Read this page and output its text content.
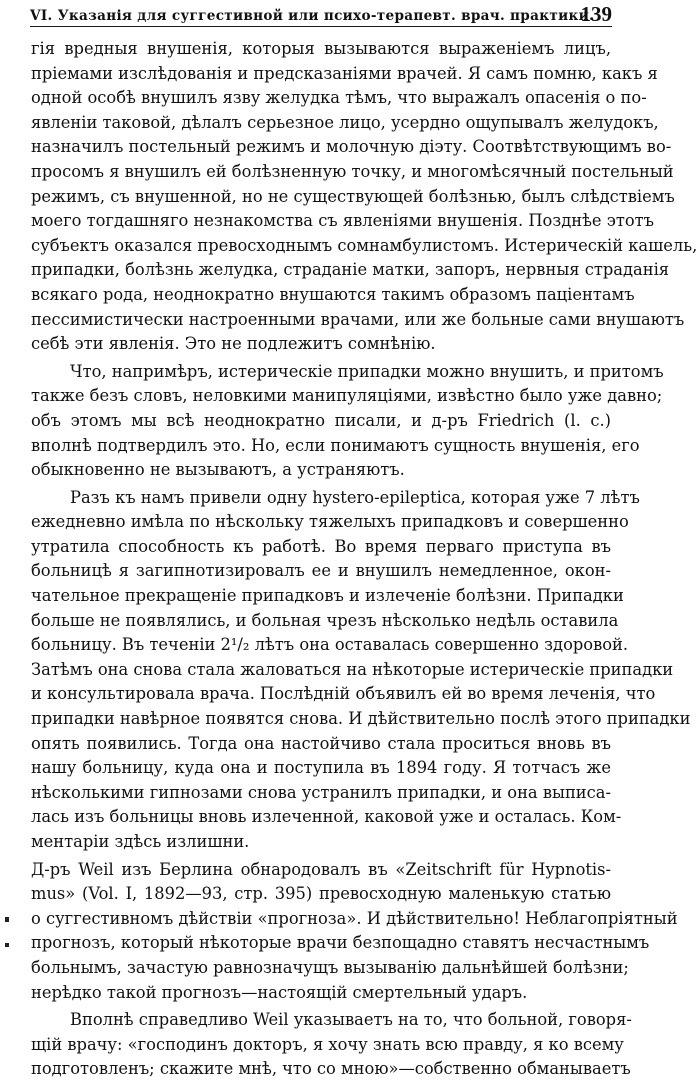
VI. Указанія для суггестивной или психо-терапевт. врач. практики.
139
гія вредныя внушенія, которыя вызываются выраженіемъ лицъ,
пріемами изслѣдованія и предсказаніями врачей. Я самъ помню, какъ я
одной особѣ внушилъ язву желудка тѣмъ, что выражалъ опасенія о по-
явленіи таковой, дѣлалъ серьезное лицо, усердно ощупывалъ желудокъ,
назначилъ постельный режимъ и молочную діэту. Соотвѣтствующимъ во-
просомъ я внушилъ ей болѣзненную точку, и многомѣсячный постельный
режимъ, съ внушенной, но не существующей болѣзнью, былъ слѣдствіемъ
моего тогдашняго незнакомства съ явленіями внушенія. Позднѣе этотъ
субъектъ оказался превосходнымъ сомнамбулистомъ. Истерическій кашель,
припадки, болѣзнь желудка, страданіе матки, запоръ, нервныя страданія
всякаго рода, неоднократно внушаются такимъ образомъ пацiентамъ
пессимистически настроенными врачами, или же больные сами внушаютъ
себѣ эти явленія. Это не подлежитъ сомнѣнію.
Что, напримѣръ, истерическіе припадки можно внушить, и притомъ
также безъ словъ, неловкими манипуляціями, извѣстно было уже давно;
объ этомъ мы всѣ неоднократно писали, и д-ръ Friedrich (l. c.)
вполнѣ подтвердилъ это. Но, если понимаютъ сущность внушенія, его
обыкновенно не вызываютъ, а устраняютъ.
Разъ къ намъ привели одну hystero-epileptica, которая уже 7 лѣтъ
ежедневно имѣла по нѣскольку тяжелыхъ припадковъ и совершенно
утратила способность къ работѣ. Во время перваго приступа въ
больницѣ я загипнотизировалъ ее и внушилъ немедленное, окон-
чательное прекращеніе припадковъ и излеченіе болѣзни. Припадки
больше не появлялись, и больная чрезъ нѣсколько недѣль оставила
больницу. Въ теченіи 2¹/₂ лѣтъ она оставалась совершенно здоровой.
Затѣмъ она снова стала жаловаться на нѣкоторые истерическіе припадки
и консультировала врача. Послѣдній объявилъ ей во время леченія, что
припадки навѣрное появятся снова. И дѣйствительно послѣ этого припадки
опять появились. Тогда она настойчиво стала проситься вновь въ
нашу больницу, куда она и поступила въ 1894 году. Я тотчасъ же
нѣсколькими гипнозами снова устранилъ припадки, и она выписа-
лась изъ больницы вновь излеченной, каковой уже и осталась. Ком-
ментаріи здѣсь излишни.
Д-ръ Weil изъ Берлина обнародовалъ въ «Zeitschrift für Hypnotis-
mus» (Vol. I, 1892—93, стр. 395) превосходную маленькую статью
о суггестивномъ дѣйствіи «прогноза». И дѣйствительно! Неблагопріятный
прогнозъ, который нѣкоторые врачи безпощадно ставятъ несчастнымъ
больнымъ, зачастую равнозначущъ вызыванію дальнѣйшей болѣзни;
нерѣдко такой прогнозъ—настоящій смертельный ударъ.
Вполнѣ справедливо Weil указываетъ на то, что больной, говоря-
щій врачу: «господинъ докторъ, я хочу знать всю правду, я ко всему
подготовленъ; скажите мнѣ, что со мною»—собственно обманываетъ
